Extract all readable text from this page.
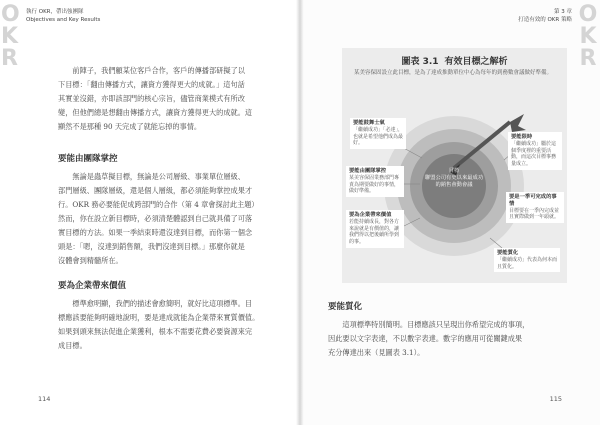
O
K
R
執行 OKR，帶出強團隊
Objectives and Key Results
　　前陣子，我們顧某位客戶合作，客戶的傳播部研擬了以
下目標：「翻由傳播方式，讓資方獲得更大的成就。」這句話
其實並沒錯，亦即該部門的核心宗旨，儘管商業模式有所改
變，但他們總是想翻由傳播方式，讓資方獲得更大的成就。這
顯然不是那種 90 天完成了就能忘掉的事情。
要能由團隊掌控
　　無論是蟲草擬目標，無論是公司層級、事業單位層級、
部門層級、團隊層級，還是個人層級，都必須能夠掌控成果才
行。OKR 務必要能促成跨部門的合作（第 4 章會探討此主題）
然而，你在設立新目標時，必須清楚體認到自己就具備了可落
實目標的方法。如果一季結束時還沒達到目標，而你第一個念
頭是：「嗯，沒達到銷售額，我們沒達到目標。」那麼你就是
沒體會到精髓所在。
要為企業帶來價值
　　標準愈明顯，我們的描述會愈簡明，就好比這項標準。目
標應該要能夠明確地說明，要是達成就能為企業帶來實質價值。
如果到頭來無法促進企業獲利，根本不需要花費必要資源來完
成目標。
114
O
K
R
第 3 章
打造有效的 OKR 策略
圖表 3.1 有效目標之解析
某美容保固設立此目標，是為了達成推動單位中心為每年的到務數會議做好準備。
目標
聯盟公司有史以來最成功的銷售會動會議
要能鼓舞士氣
「繼續成功」「必達」，也就是希望他們成為最好。
要能限時
「繼續成功」屬於這個季度裡的重要活動，而這次目標事務量成立。
要能由團隊掌控
某美容保固業務部門專責為期要做好的事情，做好準備。
要是一季可完成的事情
目標要在一季內完成並且實際做到一年頭就。
要為企業帶來價值
若能持續成長，對各方來說就是有價值的，讓我們得以把後續所學到的事。
要能質化
「繼續成功」代表為何本而且質化。
要能質化
　　這項標準特別簡明。目標應該只呈現出你希望完成的事項，
因此要以文字表達，不以數字表達。數字的應用可從關鍵成果
充分傳達出來（見圖表 3.1）。
115
